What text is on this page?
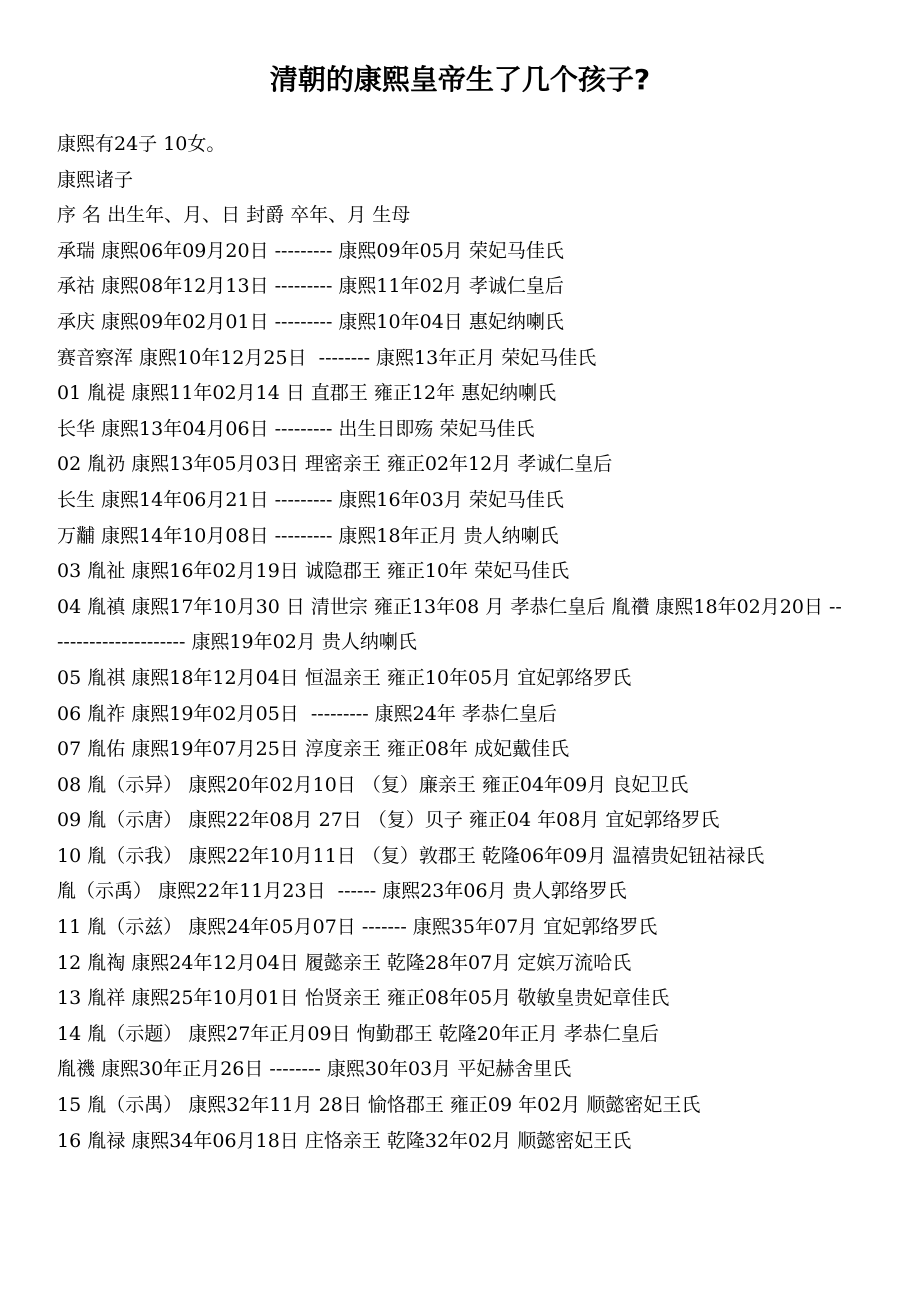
清朝的康熙皇帝生了几个孩子?

康熙有24子 10女。

康熙诸子

序 名 出生年、月、日 封爵 卒年、月 生母

承瑞 康熙06年09月20日 --------- 康熙09年05月 荣妃马佳氏

承祜 康熙08年12月13日 --------- 康熙11年02月 孝诚仁皇后

承庆 康熙09年02月01日 --------- 康熙10年04日 惠妃纳喇氏

赛音察浑 康熙10年12月25日  -------- 康熙13年正月 荣妃马佳氏

01 胤禔 康熙11年02月14 日 直郡王 雍正12年 惠妃纳喇氏

长华 康熙13年04月06日 --------- 出生日即殇 荣妃马佳氏

02 胤礽 康熙13年05月03日 理密亲王 雍正02年12月 孝诚仁皇后

长生 康熙14年06月21日 --------- 康熙16年03月 荣妃马佳氏

万黼 康熙14年10月08日 --------- 康熙18年正月 贵人纳喇氏

03 胤祉 康熙16年02月19日 诚隐郡王 雍正10年 荣妃马佳氏

04 胤禛 康熙17年10月30 日 清世宗 雍正13年08 月 孝恭仁皇后 胤禶 康熙18年02月20日 ---------------------- 康熙19年02月 贵人纳喇氏

05 胤祺 康熙18年12月04日 恒温亲王 雍正10年05月 宜妃郭络罗氏

06 胤祚 康熙19年02月05日  --------- 康熙24年 孝恭仁皇后

07 胤佑 康熙19年07月25日 淳度亲王 雍正08年 成妃戴佳氏

08 胤（示异） 康熙20年02月10日 （复）廉亲王 雍正04年09月 良妃卫氏

09 胤（示唐） 康熙22年08月 27日 （复）贝子 雍正04 年08月 宜妃郭络罗氏

10 胤（示我） 康熙22年10月11日 （复）敦郡王 乾隆06年09月 温禧贵妃钮祜禄氏

胤（示禹） 康熙22年11月23日  ------ 康熙23年06月 贵人郭络罗氏

11 胤（示兹） 康熙24年05月07日 ------- 康熙35年07月 宜妃郭络罗氏

12 胤祹 康熙24年12月04日 履懿亲王 乾隆28年07月 定嫔万流哈氏

13 胤祥 康熙25年10月01日 怡贤亲王 雍正08年05月 敬敏皇贵妃章佳氏

14 胤（示题） 康熙27年正月09日 恂勤郡王 乾隆20年正月 孝恭仁皇后

胤禨 康熙30年正月26日 -------- 康熙30年03月 平妃赫舍里氏

15 胤（示禺） 康熙32年11月 28日 愉恪郡王 雍正09 年02月 顺懿密妃王氏

16 胤禄 康熙34年06月18日 庄恪亲王 乾隆32年02月 顺懿密妃王氏
